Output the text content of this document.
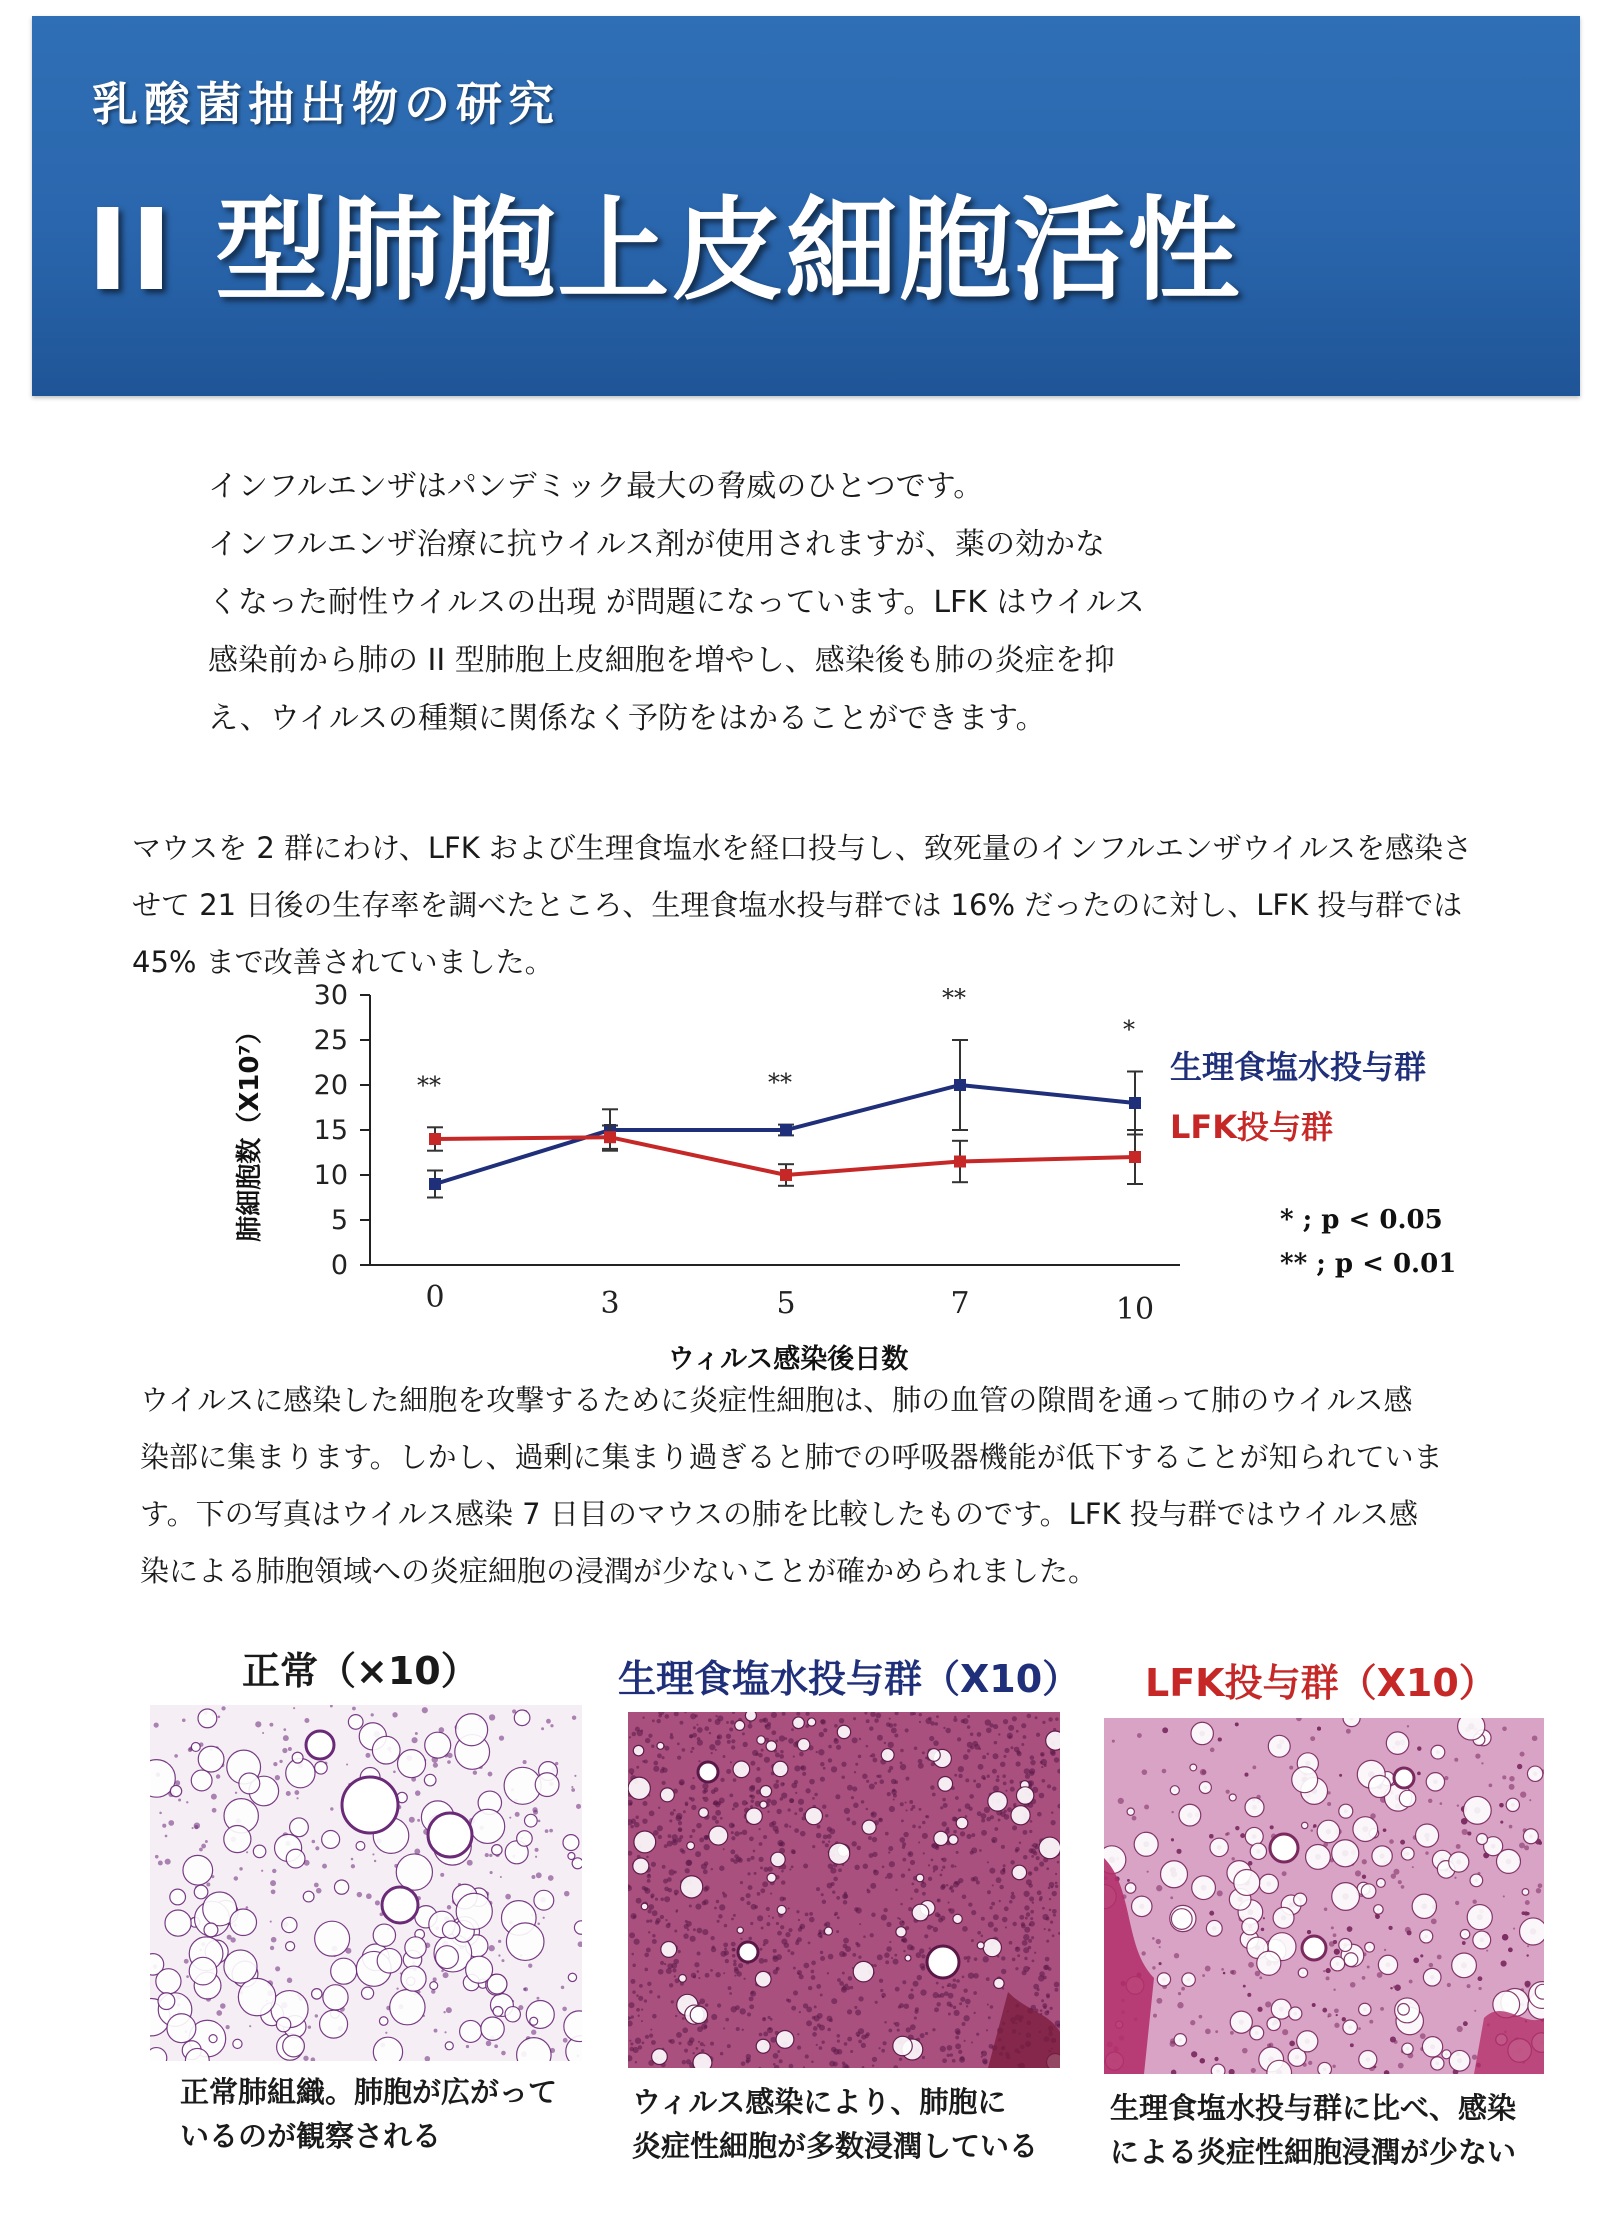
乳酸菌抽出物の研究
II 型肺胞上皮細胞活性

インフルエンザはパンデミック最大の脅威のひとつです。

インフルエンザ治療に抗ウイルス剤が使用されますが、薬の効かな

くなった耐性ウイルスの出現 が問題になっています。LFK はウイルス

感染前から肺の II 型肺胞上皮細胞を増やし、感染後も肺の炎症を抑

え、ウイルスの種類に関係なく予防をはかることができます。

マウスを 2 群にわけ、LFK および生理食塩水を経口投与し、致死量のインフルエンザウイルスを感染さ

せて 21 日後の生存率を調べたところ、生理食塩水投与群では 16% だったのに対し、LFK 投与群では

45% まで改善されていました。

0
5
10
15
20
25
30
0	3	5	7	10
肺細胞数（X10⁷）
ウィルス感染後日数
**	**
**
*
生理食塩水投与群
LFK投与群
* ; p < 0.05
** ; p < 0.01

ウイルスに感染した細胞を攻撃するために炎症性細胞は、肺の血管の隙間を通って肺のウイルス感

染部に集まります。しかし、過剰に集まり過ぎると肺での呼吸器機能が低下することが知られていま

す。下の写真はウイルス感染 7 日目のマウスの肺を比較したものです。LFK 投与群ではウイルス感

染による肺胞領域への炎症細胞の浸潤が少ないことが確かめられました。

正常（×10）	生理食塩水投与群（X10） LFK投与群（X10）

正常肺組織。肺胞が広がって

いるのが観察される

ウィルス感染により、肺胞に

炎症性細胞が多数浸潤している

生理食塩水投与群に比べ、感染

による炎症性細胞浸潤が少ない
